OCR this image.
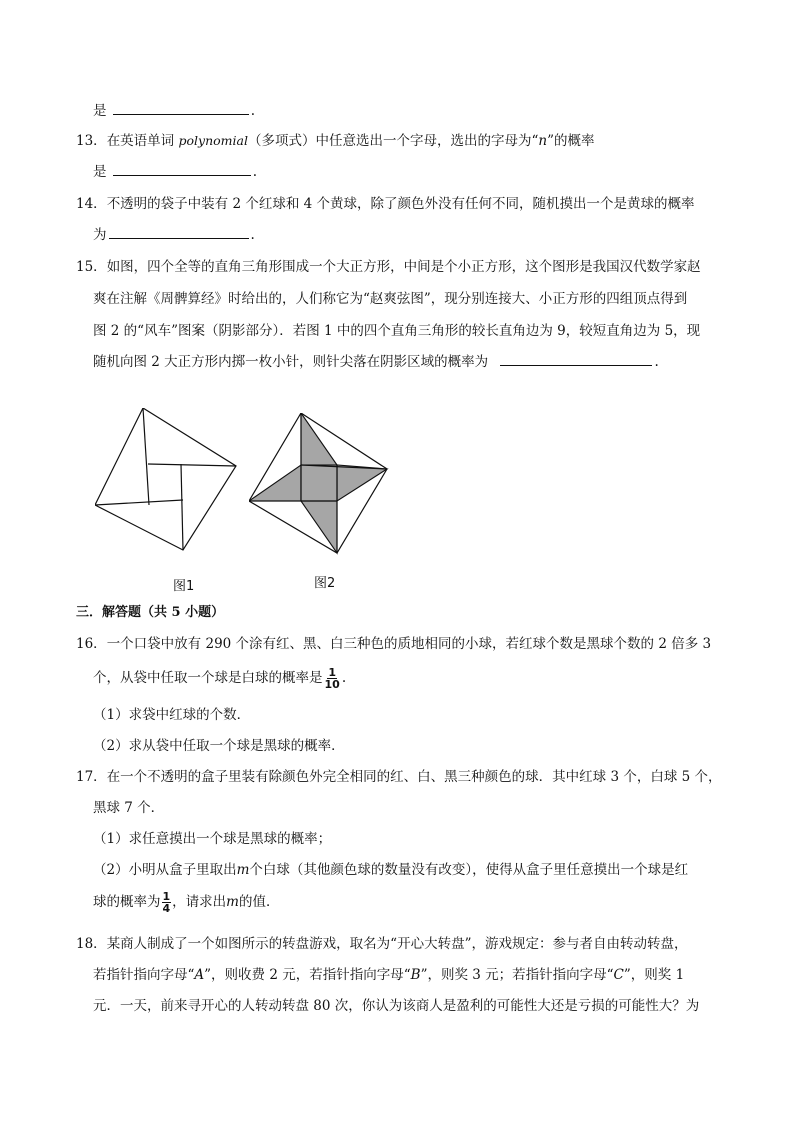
是	.
13．在英语单词 polynomial（多项式）中任意选出一个字母，选出的字母为“n”的概率
是	.
14．不透明的袋子中装有 2 个红球和 4 个黄球，除了颜色外没有任何不同，随机摸出一个是黄球的概率
为	.
15．如图，四个全等的直角三角形围成一个大正方形，中间是个小正方形，这个图形是我国汉代数学家赵
爽在注解《周髀算经》时给出的，人们称它为“赵爽弦图”，现分别连接大、小正方形的四组顶点得到
图 2 的“风车”图案（阴影部分）．若图 1 中的四个直角三角形的较长直角边为 9，较短直角边为 5，现
随机向图 2 大正方形内掷一枚小针，则针尖落在阴影区域的概率为	.
图1	图2
三．解答题（共 5 小题）
16．一个口袋中放有 290 个涂有红、黑、白三种色的质地相同的小球，若红球个数是黑球个数的 2 倍多 3
个，从袋中任取一个球是白球的概率是 $\frac{1}{10}$ .
（1）求袋中红球的个数．
（2）求从袋中任取一个球是黑球的概率．
17．在一个不透明的盒子里装有除颜色外完全相同的红、白、黑三种颜色的球．其中红球 3 个，白球 5 个，
黑球 7 个．
（1）求任意摸出一个球是黑球的概率；
（2）小明从盒子里取出m个白球（其他颜色球的数量没有改变），使得从盒子里任意摸出一个球是红
球的概率为 $\frac{1}{4}$ ，请求出m的值．
18．某商人制成了一个如图所示的转盘游戏，取名为“开心大转盘”，游戏规定：参与者自由转动转盘，
若指针指向字母“A”，则收费 2 元，若指针指向字母“B”，则奖 3 元；若指针指向字母“C”，则奖 1
元．一天，前来寻开心的人转动转盘 80 次，你认为该商人是盈利的可能性大还是亏损的可能性大？为
